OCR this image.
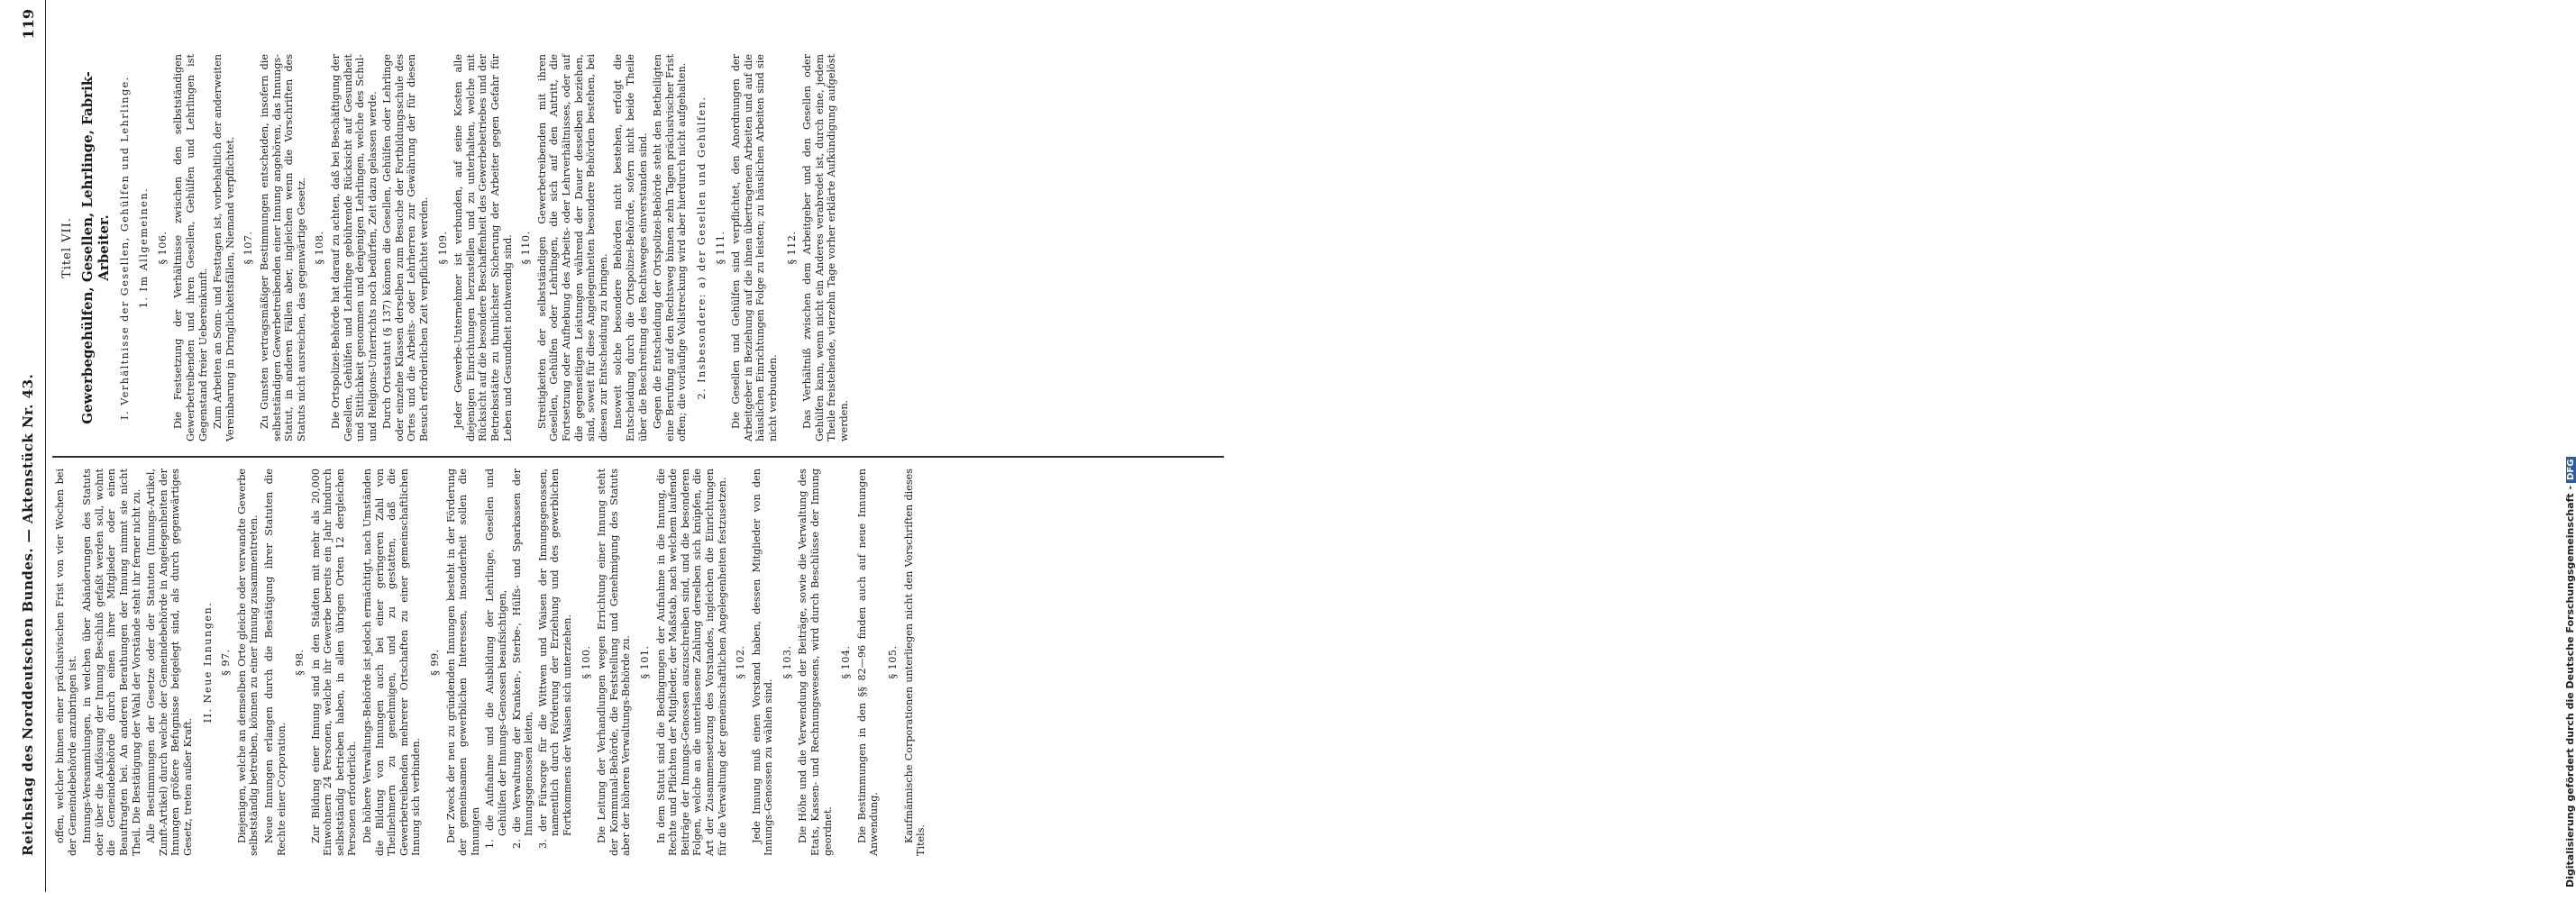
Reichstag des Norddeutschen Bundes. — Aktenstück Nr. 43.
119

offen, welcher binnen einer präclusivischen Frist von vier Wochen bei der Gemeindebehörde anzubringen ist. Innungs-Versammlungen, in welchen über Abänderungen des Statuts oder über die Auflösung der Innung Beschluß gefaßt werden soll, wohnt die Gemeindebehörde durch einen ihrer Mitglieder oder einen Beauftragten bei. An anderen Berathungen der Innung nimmt sie nicht Theil. Die Bestätigung der Wahl der Vorstände steht ihr ferner nicht zu. Alle Bestimmungen der Gesetze oder der Statuten (Innungs-Artikel, Zunft-Artikel) durch welche der Gemeindebehörde in Angelegenheiten der Innungen größere Befugnisse beigelegt sind, als durch gegenwärtiges Gesetz, treten außer Kraft.

II. Neue Innungen. § 97. Diejenigen, welche an demselben Orte gleiche oder verwandte Gewerbe selbstständig betreiben, können zu einer Innung zusammentreten. Neue Innungen erlangen durch die Bestätigung ihrer Statuten die Rechte einer Corporation.

§ 98. Zur Bildung einer Innung sind in den Städten mit mehr als 20,000 Einwohnern 24 Personen, welche ihr Gewerbe bereits ein Jahr hindurch selbstständig betrieben haben, in allen übrigen Orten 12 dergleichen Personen erforderlich. Die höhere Verwaltungs-Behörde ist jedoch ermächtigt, nach Umständen die Bildung von Innungen auch bei einer geringeren Zahl von Theilnehmern zu genehmigen, und zu gestatten, daß die Gewerbetreibenden mehrerer Ortschaften zu einer gemeinschaftlichen Innung sich verbinden.

§ 99. Der Zweck der neu zu gründenden Innungen besteht in der Förderung der gemeinsamen gewerblichen Interessen, insonderheit sollen die Innungen 1. die Aufnahme und die Ausbildung der Lehrlinge, Gesellen und Gehülfen der Innungs-Genossen beaufsichtigen, 2. die Verwaltung der Kranken-, Sterbe-, Hülfs- und Sparkassen der Innungsgenossen leiten, 3. der Fürsorge für die Wittwen und Waisen der Innungsgenossen, namentlich durch Förderung der Erziehung und des gewerblichen Fortkommens der Waisen sich unterziehen. § 100. Die Leitung der Verhandlungen wegen Errichtung einer Innung steht der Kommunal-Behörde, die Feststellung und Genehmigung des Statuts aber der höheren Verwaltungs-Behörde zu. § 101. In dem Statut sind die Bedingungen der Aufnahme in die Innung, die Rechte und Pflichten der Mitglieder, der Maßstab, nach welchem laufende Beiträge der Innungs-Genossen auszuschreiben sind, und die besonderen Folgen, welche an die unterlassene Zahlung derselben sich knüpfen, die Art der Zusammensetzung des Vorstandes, ingleichen die Einrichtungen für die Verwaltung der gemeinschaftlichen Angelegenheiten festzusetzen. § 102. Jede Innung muß einen Vorstand haben, dessen Mitglieder von den Innungs-Genossen zu wählen sind.

§ 103. Die Höhe und die Verwendung der Beiträge, sowie die Verwaltung des Etats, Kassen- und Rechnungswesens, wird durch Beschlüsse der Innung geordnet.

§ 104. Die Bestimmungen in den §§ 82—96 finden auch auf neue Innungen Anwendung.

§ 105. Kaufmännische Corporationen unterliegen nicht den Vorschriften dieses Titels.

Titel VII. Gewerbegehülfen, Gesellen, Lehrlinge, Fabrik-Arbeiter. I. Verhältnisse der Gesellen, Gehülfen und Lehrlinge. 1. Im Allgemeinen. § 106. Die Festsetzung der Verhältnisse zwischen den selbstständigen Gewerbetreibenden und ihren Gesellen, Gehülfen und Lehrlingen ist Gegenstand freier Uebereinkunft. Zum Arbeiten an Sonn- und Festtagen ist, vorbehaltlich der anderweiten Vereinbarung in Dringlichkeitsfällen, Niemand verpflichtet. § 107. Zu Gunsten vertragsmäßiger Bestimmungen entscheiden, insofern die selbstständigen Gewerbetreibenden einer Innung angehören, das Innungs-Statut, in anderen Fällen aber, ingleichen wenn die Vorschriften des Statuts nicht ausreichen, das gegenwärtige Gesetz. § 108. Die Ortspolizei-Behörde hat darauf zu achten, daß bei Beschäftigung der Gesellen, Gehülfen und Lehrlinge gebührende Rücksicht auf Gesundheit und Sittlichkeit genommen und denjenigen Lehrlingen, welche des Schul- und Religions-Unterrichts noch bedürfen, Zeit dazu gelassen werde. Durch Ortsstatut (§ 137) können die Gesellen, Gehülfen oder Lehrlinge oder einzelne Klassen derselben zum Besuche der Fortbildungsschule des Ortes und die Arbeits- oder Lehrherren zur Gewährung der für diesen Besuch erforderlichen Zeit verpflichtet werden. § 109. Jeder Gewerbe-Unternehmer ist verbunden, auf seine Kosten alle diejenigen Einrichtungen herzustellen und zu unterhalten, welche mit Rücksicht auf die besondere Beschaffenheit des Gewerbebetriebes und der Betriebsstätte zu thunlichster Sicherung der Arbeiter gegen Gefahr für Leben und Gesundheit nothwendig sind. § 110. Streitigkeiten der selbstständigen Gewerbetreibenden mit ihren Gesellen, Gehülfen oder Lehrlingen, die sich auf den Antritt, die Fortsetzung oder Aufhebung des Arbeits- oder Lehrverhältnisses, oder auf die gegenseitigen Leistungen während der Dauer desselben beziehen, sind, soweit für diese Angelegenheiten besondere Behörden bestehen, bei diesen zur Entscheidung zu bringen. Insoweit solche besondere Behörden nicht bestehen, erfolgt die Entscheidung durch die Ortspolizei-Behörde, sofern nicht beide Theile über die Beschreitung des Rechtsweges einverstanden sind. Gegen die Entscheidung der Ortspolizei-Behörde steht den Betheiligten eine Berufung auf den Rechtsweg binnen zehn Tagen präclusivischer Frist offen; die vorläufige Vollstreckung wird aber hierdurch nicht aufgehalten. 2. Insbesondere: a) der Gesellen und Gehülfen. § 111. Die Gesellen und Gehülfen sind verpflichtet, den Anordnungen der Arbeitgeber in Beziehung auf die ihnen übertragenen Arbeiten und auf die häuslichen Einrichtungen Folge zu leisten; zu häuslichen Arbeiten sind sie nicht verbunden.

§ 112. Das Verhältniß zwischen dem Arbeitgeber und den Gesellen oder Gehülfen kann, wenn nicht ein Anderes verabredet ist, durch eine, jedem Theile freistehende, vierzehn Tage vorher erklärte Aufkündigung aufgelöst werden.

Digitalisierung gefördert durch die Deutsche Forschungsgemeinschaft -DFG
